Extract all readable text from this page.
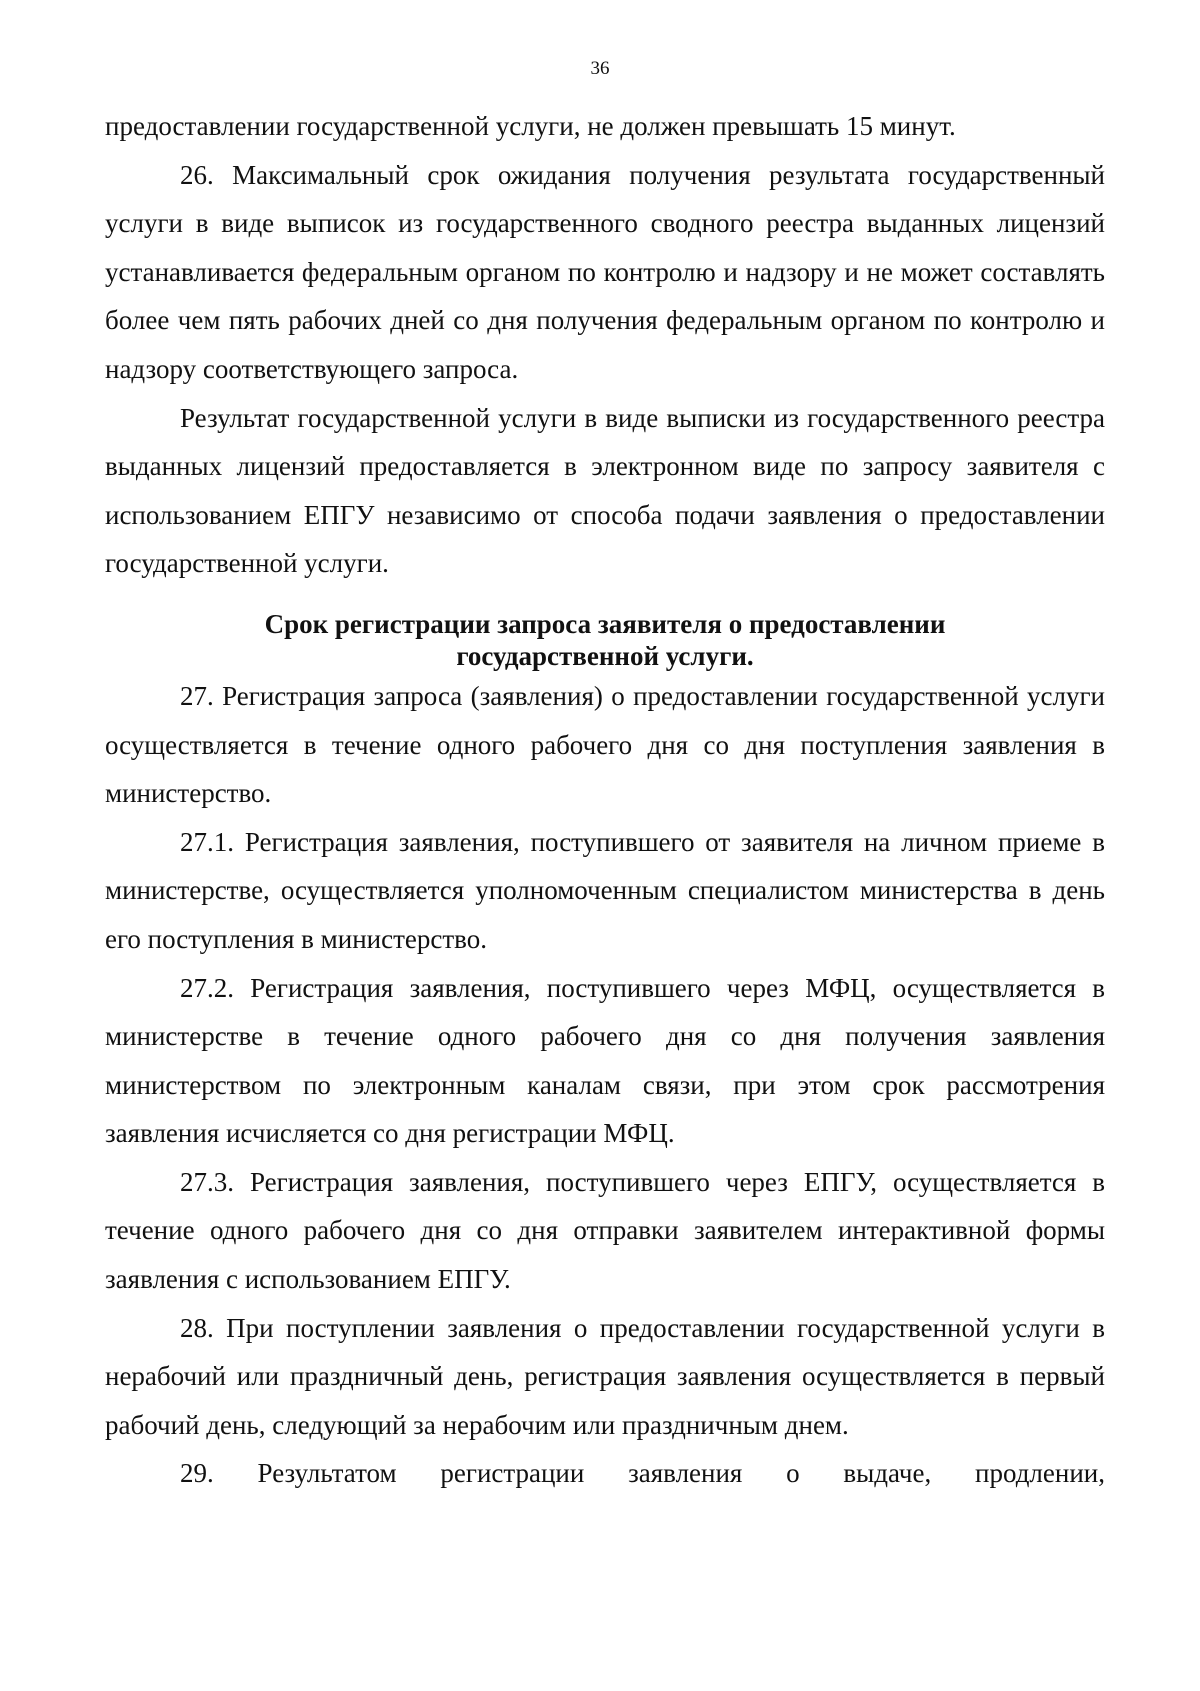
36

предоставлении государственной услуги, не должен превышать 15 минут.

26. Максимальный срок ожидания получения результата государственный услуги в виде выписок из государственного сводного реестра выданных лицензий устанавливается федеральным органом по контролю и надзору и не может составлять более чем пять рабочих дней со дня получения федеральным органом по контролю и надзору соответствующего запроса.

Результат государственной услуги в виде выписки из государственного реестра выданных лицензий предоставляется в электронном виде по запросу заявителя с использованием ЕПГУ независимо от способа подачи заявления о предоставлении государственной услуги.

Срок регистрации запроса заявителя о предоставлении
государственной услуги.

27. Регистрация запроса (заявления) о предоставлении государственной услуги осуществляется в течение одного рабочего дня со дня поступления заявления в министерство.

27.1. Регистрация заявления, поступившего от заявителя на личном приеме в министерстве, осуществляется уполномоченным специалистом министерства в день его поступления в министерство.

27.2. Регистрация заявления, поступившего через МФЦ, осуществляется в министерстве в течение одного рабочего дня со дня получения заявления министерством по электронным каналам связи, при этом срок рассмотрения заявления исчисляется со дня регистрации МФЦ.

27.3. Регистрация заявления, поступившего через ЕПГУ, осуществляется в течение одного рабочего дня со дня отправки заявителем интерактивной формы заявления с использованием ЕПГУ.

28. При поступлении заявления о предоставлении государственной услуги в нерабочий или праздничный день, регистрация заявления осуществляется в первый рабочий день, следующий за нерабочим или праздничным днем.

29. Результатом регистрации заявления о выдаче, продлении,
